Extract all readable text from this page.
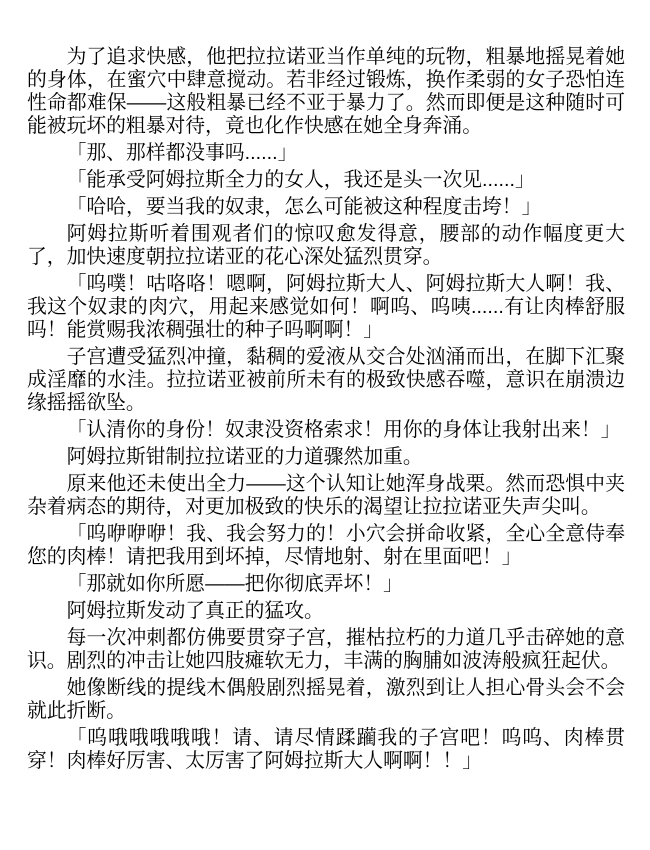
为了追求快感，他把拉拉诺亚当作单纯的玩物，粗暴地摇晃着她的身体，在蜜穴中肆意搅动。若非经过锻炼，换作柔弱的女子恐怕连性命都难保——这般粗暴已经不亚于暴力了。然而即便是这种随时可能被玩坏的粗暴对待，竟也化作快感在她全身奔涌。

「那、那样都没事吗......」

「能承受阿姆拉斯全力的女人，我还是头一次见......」

「哈哈，要当我的奴隶，怎么可能被这种程度击垮！」

阿姆拉斯听着围观者们的惊叹愈发得意，腰部的动作幅度更大了，加快速度朝拉拉诺亚的花心深处猛烈贯穿。

「呜噗！咕咯咯！嗯啊，阿姆拉斯大人、阿姆拉斯大人啊！我、我这个奴隶的肉穴，用起来感觉如何！啊呜、呜咦......有让肉棒舒服吗！能赏赐我浓稠强壮的种子吗啊啊！」

子宫遭受猛烈冲撞，黏稠的爱液从交合处汹涌而出，在脚下汇聚成淫靡的水洼。拉拉诺亚被前所未有的极致快感吞噬，意识在崩溃边缘摇摇欲坠。

「认清你的身份！奴隶没资格索求！用你的身体让我射出来！」

阿姆拉斯钳制拉拉诺亚的力道骤然加重。

原来他还未使出全力——这个认知让她浑身战栗。然而恐惧中夹杂着病态的期待，对更加极致的快乐的渴望让拉拉诺亚失声尖叫。

「呜咿咿咿！我、我会努力的！小穴会拼命收紧，全心全意侍奉您的肉棒！请把我用到坏掉，尽情地射、射在里面吧！」

「那就如你所愿——把你彻底弄坏！」

阿姆拉斯发动了真正的猛攻。

每一次冲刺都仿佛要贯穿子宫，摧枯拉朽的力道几乎击碎她的意识。剧烈的冲击让她四肢瘫软无力，丰满的胸脯如波涛般疯狂起伏。

她像断线的提线木偶般剧烈摇晃着，激烈到让人担心骨头会不会就此折断。

「呜哦哦哦哦哦！请、请尽情蹂躏我的子宫吧！呜呜、肉棒贯穿！肉棒好厉害、太厉害了阿姆拉斯大人啊啊！！」
